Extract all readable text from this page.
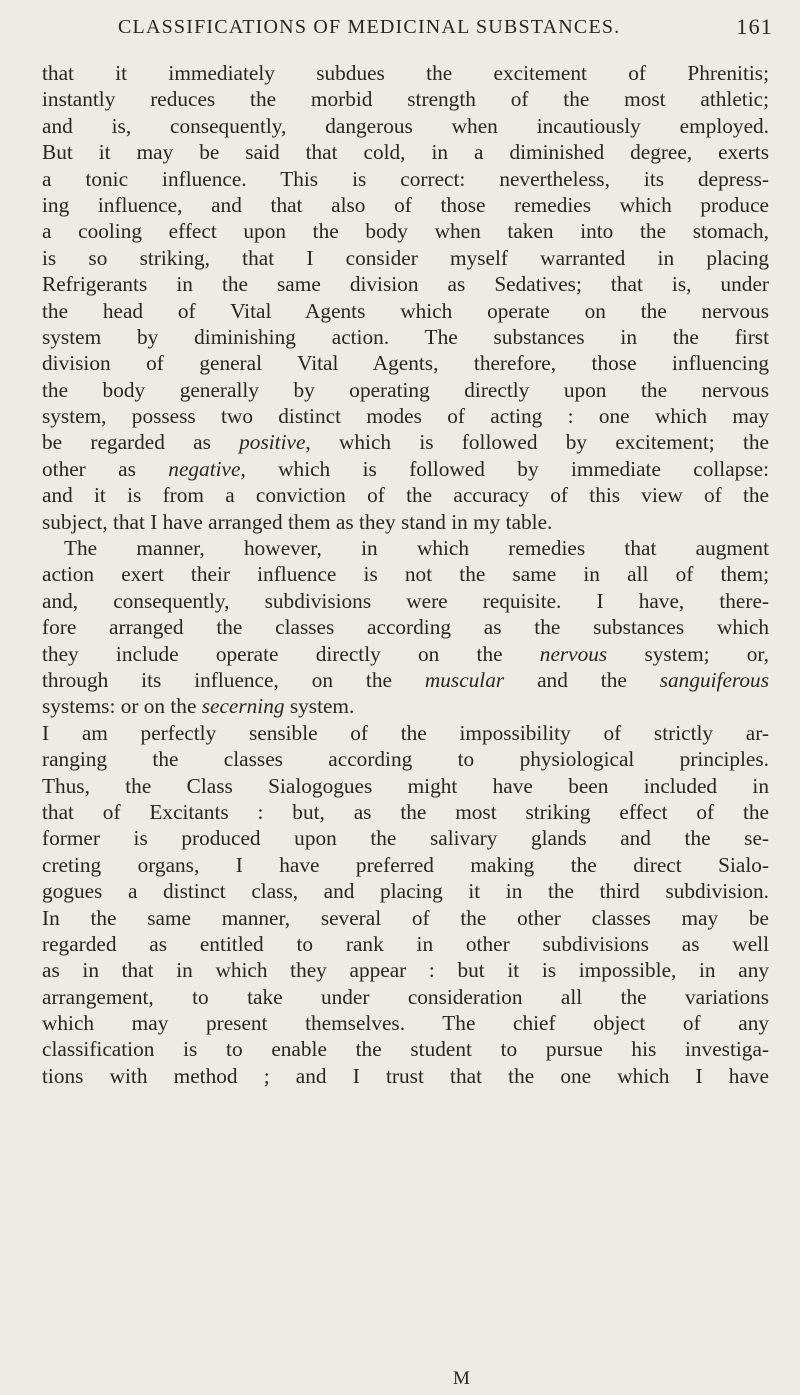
CLASSIFICATIONS OF MEDICINAL SUBSTANCES.	161
that it immediately subdues the excitement of Phrenitis;
instantly reduces the morbid strength of the most athletic;
and is, consequently, dangerous when incautiously employed.
But it may be said that cold, in a diminished degree, exerts
a tonic influence. This is correct: nevertheless, its depress-
ing influence, and that also of those remedies which produce
a cooling effect upon the body when taken into the stomach,
is so striking, that I consider myself warranted in placing
Refrigerants in the same division as Sedatives; that is, under
the head of Vital Agents which operate on the nervous
system by diminishing action. The substances in the first
division of general Vital Agents, therefore, those influencing
the body generally by operating directly upon the nervous
system, possess two distinct modes of acting : one which may
be regarded as positive, which is followed by excitement; the
other as negative, which is followed by immediate collapse:
and it is from a conviction of the accuracy of this view of the
subject, that I have arranged them as they stand in my table.
The manner, however, in which remedies that augment
action exert their influence is not the same in all of them;
and, consequently, subdivisions were requisite. I have, there-
fore arranged the classes according as the substances which
they include operate directly on the nervous system; or,
through its influence, on the muscular and the sanguiferous
systems: or on the secerning system.
I am perfectly sensible of the impossibility of strictly ar-
ranging the classes according to physiological principles.
Thus, the Class Sialogogues might have been included in
that of Excitants : but, as the most striking effect of the
former is produced upon the salivary glands and the se-
creting organs, I have preferred making the direct Sialo-
gogues a distinct class, and placing it in the third subdivision.
In the same manner, several of the other classes may be
regarded as entitled to rank in other subdivisions as well
as in that in which they appear : but it is impossible, in any
arrangement, to take under consideration all the variations
which may present themselves. The chief object of any
classification is to enable the student to pursue his investiga-
tions with method ; and I trust that the one which I have
M
